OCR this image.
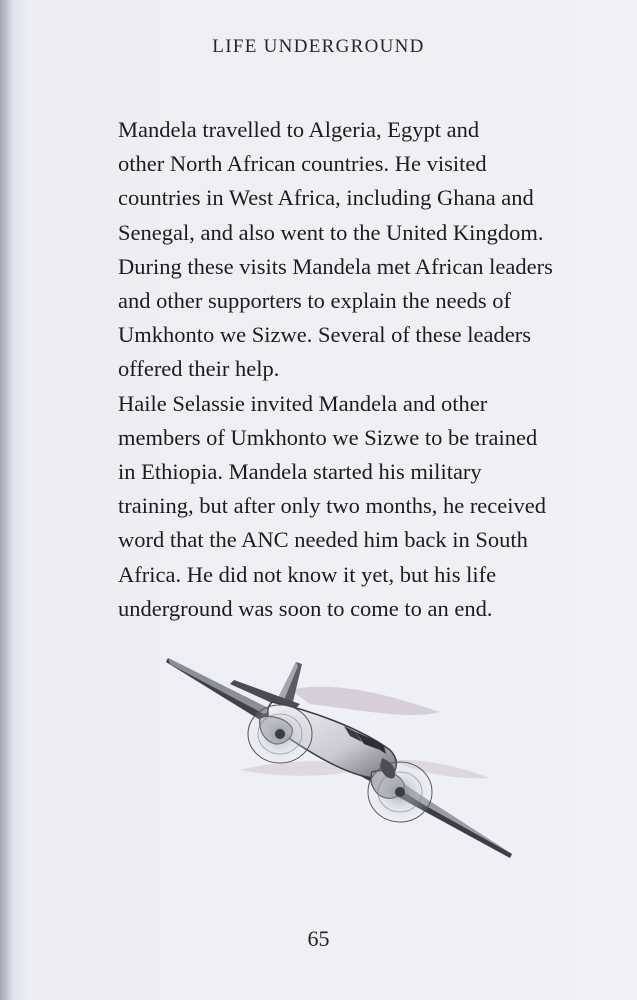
LIFE UNDERGROUND

Mandela travelled to Algeria, Egypt and
other North African countries. He visited
countries in West Africa, including Ghana and
Senegal, and also went to the United Kingdom.
During these visits Mandela met African leaders
and other supporters to explain the needs of
Umkhonto we Sizwe. Several of these leaders
offered their help.

Haile Selassie invited Mandela and other
members of Umkhonto we Sizwe to be trained
in Ethiopia. Mandela started his military
training, but after only two months, he received
word that the ANC needed him back in South
Africa. He did not know it yet, but his life
underground was soon to come to an end.

65
